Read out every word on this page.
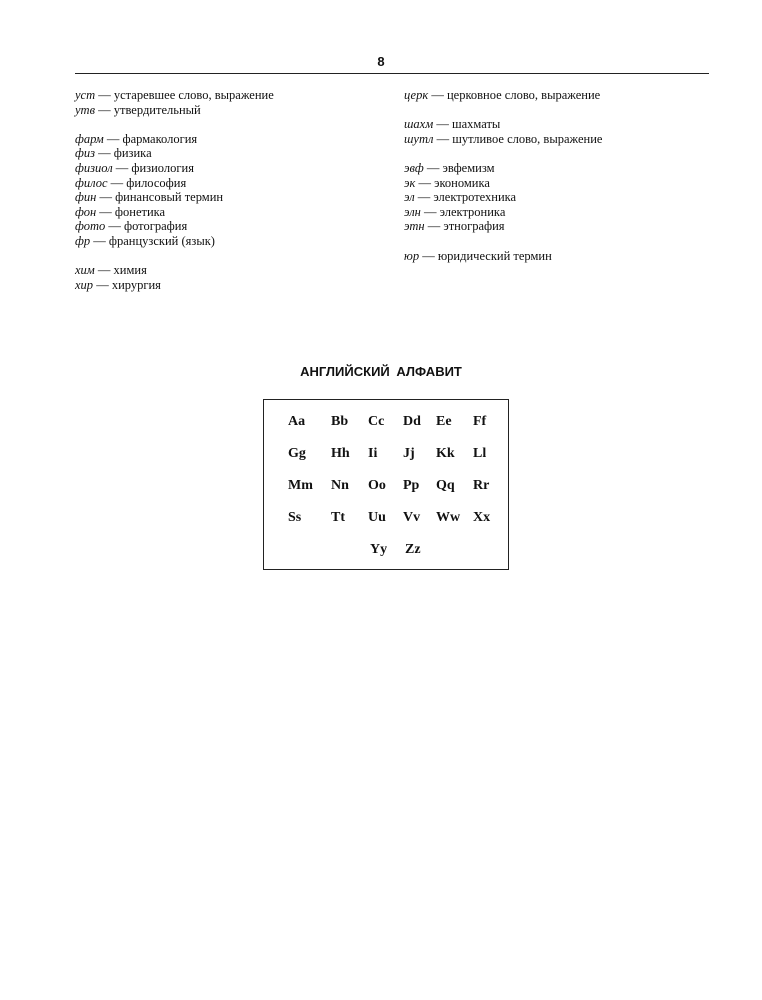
8
уст — устаревшее слово, выражение
утв — утвердительный
фарм — фармакология
физ — физика
физиол — физиология
филос — философия
фин — финансовый термин
фон — фонетика
фото — фотография
фр — французский (язык)
хим — химия
хир — хирургия
церк — церковное слово, выражение
шахм — шахматы
шутл — шутливое слово, выражение
эвф — эвфемизм
эк — экономика
эл — электротехника
элн — электроника
этн — этнография
юр — юридический термин
АНГЛИЙСКИЙ АЛФАВИТ
Aa Bb Cc Dd Ee Ff
Gg Hh Ii Jj Kk Ll
Mm Nn Oo Pp Qq Rr
Ss Tt Uu Vv Ww Xx
Yy Zz
